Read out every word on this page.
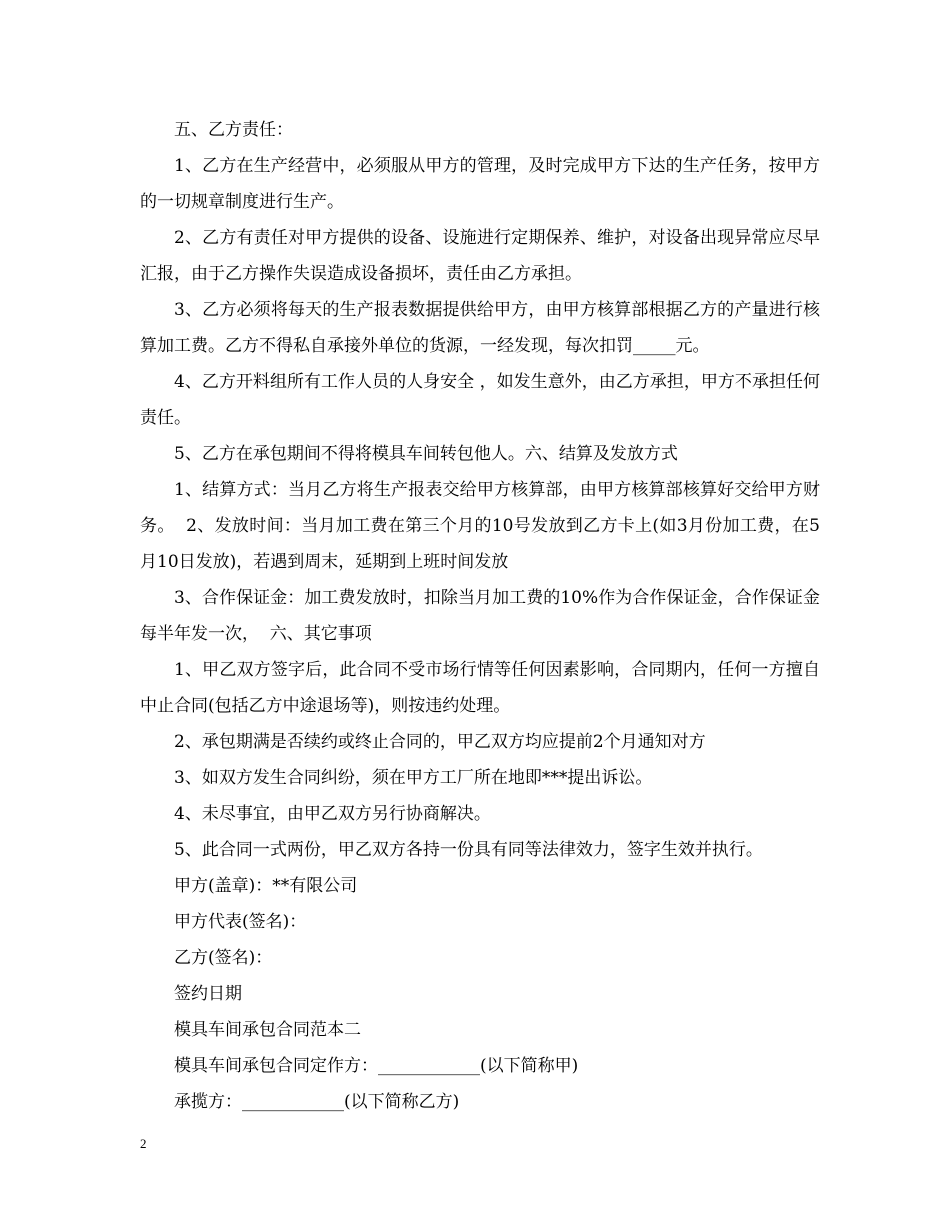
五、乙方责任：

1、乙方在生产经营中，必须服从甲方的管理，及时完成甲方下达的生产任务，按甲方的一切规章制度进行生产。

2、乙方有责任对甲方提供的设备、设施进行定期保养、维护，对设备出现异常应尽早汇报，由于乙方操作失误造成设备损坏，责任由乙方承担。

3、乙方必须将每天的生产报表数据提供给甲方，由甲方核算部根据乙方的产量进行核算加工费。乙方不得私自承接外单位的货源，一经发现，每次扣罚_____元。

4、乙方开料组所有工作人员的人身安全 ，如发生意外，由乙方承担，甲方不承担任何责任。

5、乙方在承包期间不得将模具车间转包他人。六、结算及发放方式

1、结算方式：当月乙方将生产报表交给甲方核算部，由甲方核算部核算好交给甲方财务。  2、发放时间：当月加工费在第三个月的10号发放到乙方卡上(如3月份加工费，在5月10日发放)，若遇到周末，延期到上班时间发放

3、合作保证金：加工费发放时，扣除当月加工费的10%作为合作保证金，合作保证金每半年发一次，  六、其它事项

1、甲乙双方签字后，此合同不受市场行情等任何因素影响，合同期内，任何一方擅自中止合同(包括乙方中途退场等)，则按违约处理。

2、承包期满是否续约或终止合同的，甲乙双方均应提前2个月通知对方

3、如双方发生合同纠纷，须在甲方工厂所在地即***提出诉讼。

4、未尽事宜，由甲乙双方另行协商解决。

5、此合同一式两份，甲乙双方各持一份具有同等法律效力，签字生效并执行。

甲方(盖章)：**有限公司

甲方代表(签名)：

乙方(签名)：

签约日期

模具车间承包合同范本二

模具车间承包合同定作方：____________(以下简称甲)

承揽方：____________(以下简称乙方)

2
